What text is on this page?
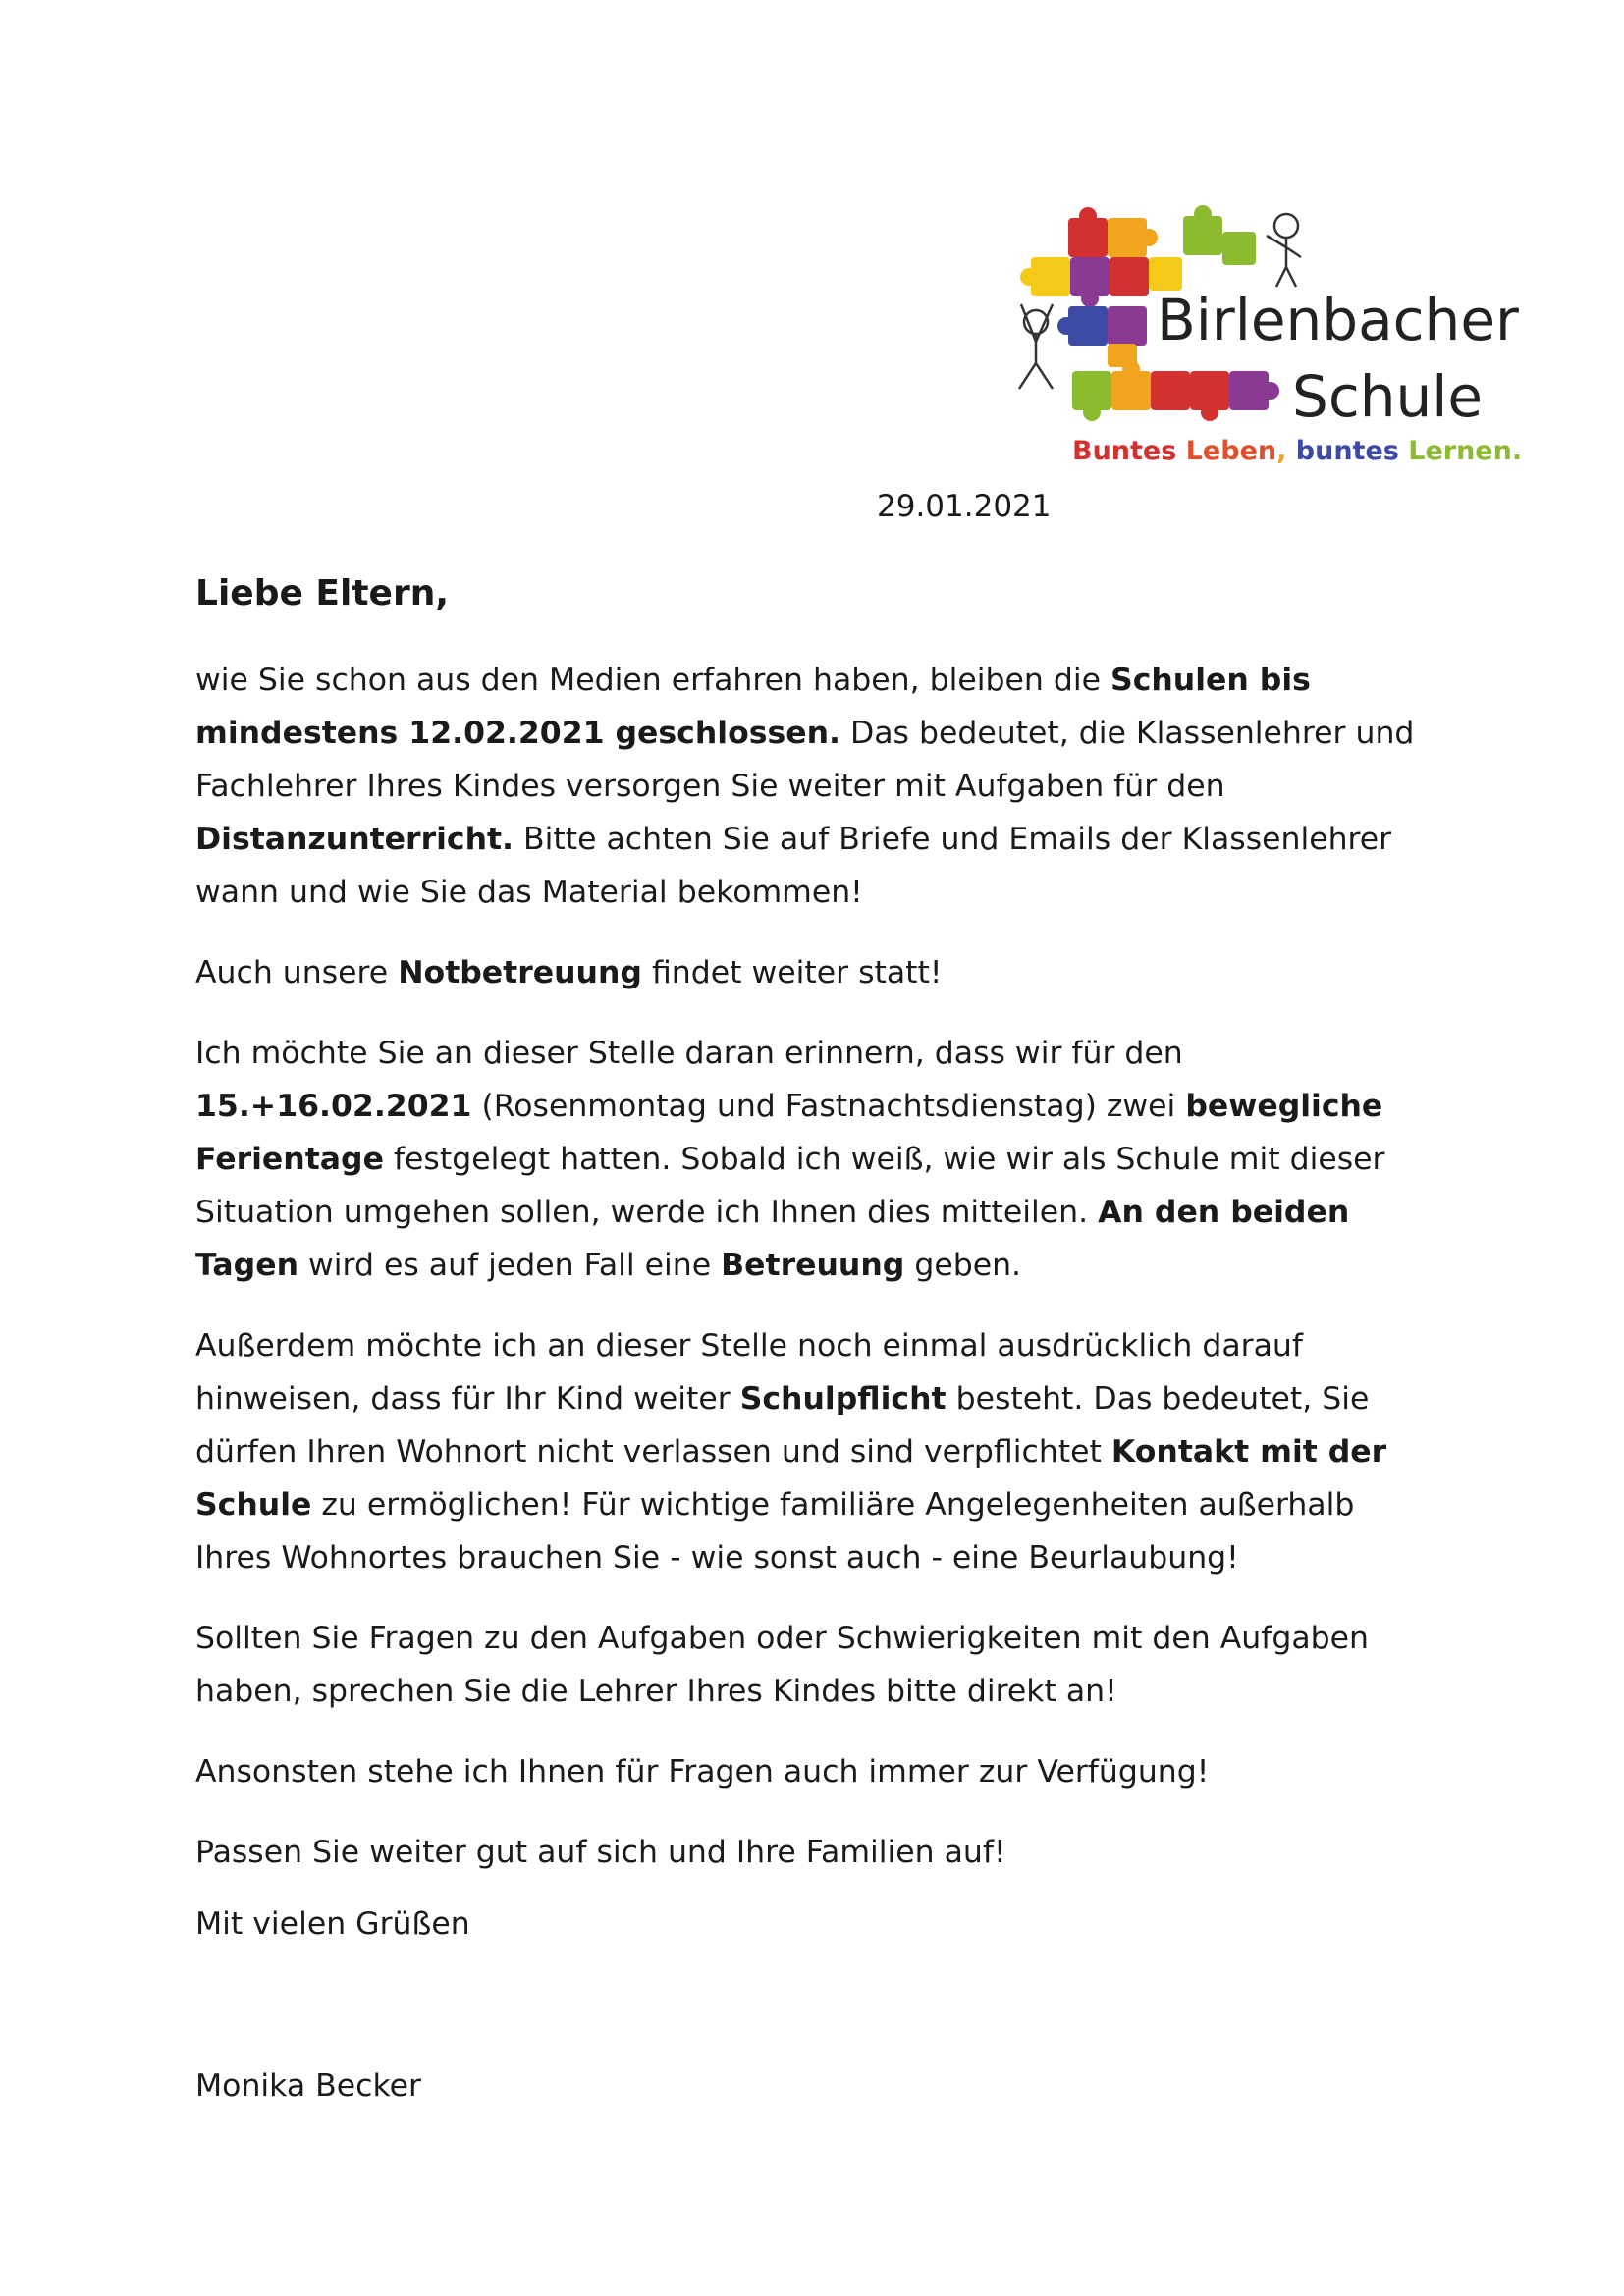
Birlenbacher
Schule
Buntes Leben, buntes Lernen.
29.01.2021
Liebe Eltern,

wie Sie schon aus den Medien erfahren haben, bleiben die Schulen bis mindestens 12.02.2021 geschlossen. Das bedeutet, die Klassenlehrer und Fachlehrer Ihres Kindes versorgen Sie weiter mit Aufgaben für den Distanzunterricht. Bitte achten Sie auf Briefe und Emails der Klassenlehrer wann und wie Sie das Material bekommen!

Auch unsere Notbetreuung findet weiter statt!

Ich möchte Sie an dieser Stelle daran erinnern, dass wir für den 15.+16.02.2021 (Rosenmontag und Fastnachtsdienstag) zwei bewegliche Ferientage festgelegt hatten. Sobald ich weiß, wie wir als Schule mit dieser Situation umgehen sollen, werde ich Ihnen dies mitteilen. An den beiden Tagen wird es auf jeden Fall eine Betreuung geben.

Außerdem möchte ich an dieser Stelle noch einmal ausdrücklich darauf hinweisen, dass für Ihr Kind weiter Schulpflicht besteht. Das bedeutet, Sie dürfen Ihren Wohnort nicht verlassen und sind verpflichtet Kontakt mit der Schule zu ermöglichen! Für wichtige familiäre Angelegenheiten außerhalb Ihres Wohnortes brauchen Sie - wie sonst auch - eine Beurlaubung!

Sollten Sie Fragen zu den Aufgaben oder Schwierigkeiten mit den Aufgaben haben, sprechen Sie die Lehrer Ihres Kindes bitte direkt an!

Ansonsten stehe ich Ihnen für Fragen auch immer zur Verfügung!

Passen Sie weiter gut auf sich und Ihre Familien auf!

Mit vielen Grüßen
Monika Becker
